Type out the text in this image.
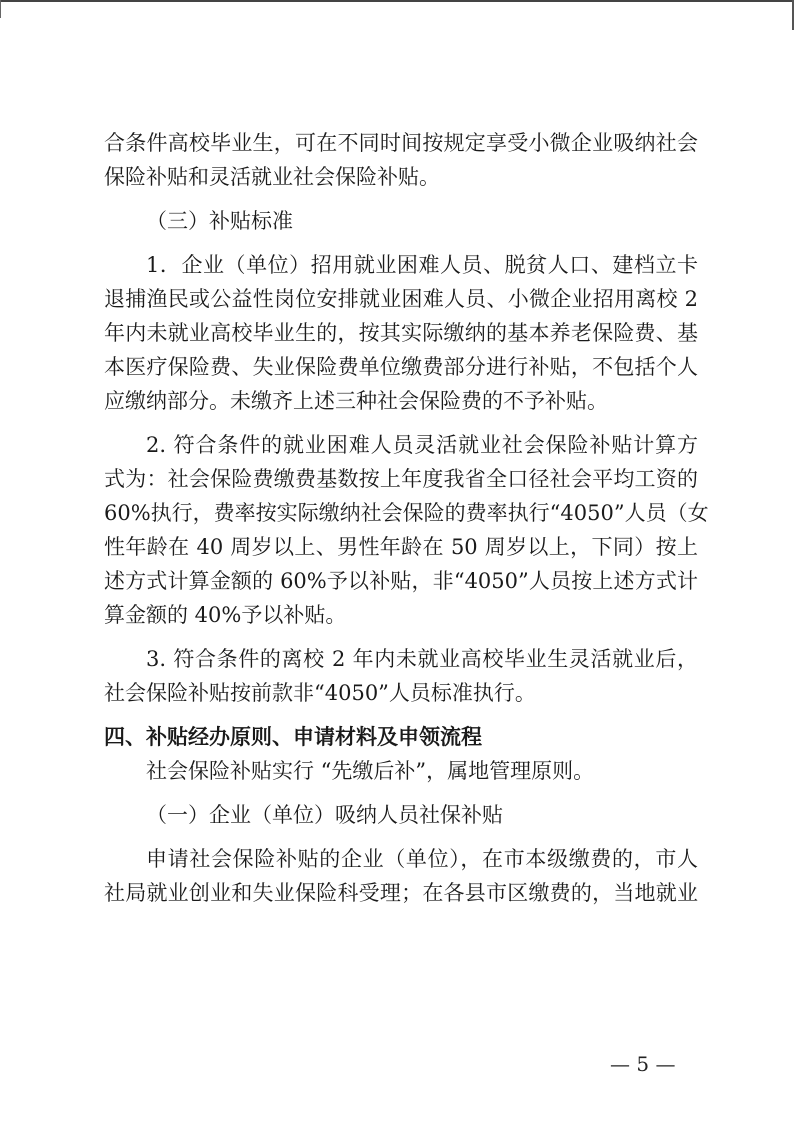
合条件高校毕业生，可在不同时间按规定享受小微企业吸纳社会
保险补贴和灵活就业社会保险补贴。
（三）补贴标准
1．企业（单位）招用就业困难人员、脱贫人口、建档立卡
退捕渔民或公益性岗位安排就业困难人员、小微企业招用离校 2
年内未就业高校毕业生的，按其实际缴纳的基本养老保险费、基
本医疗保险费、失业保险费单位缴费部分进行补贴，不包括个人
应缴纳部分。未缴齐上述三种社会保险费的不予补贴。
2. 符合条件的就业困难人员灵活就业社会保险补贴计算方
式为：社会保险费缴费基数按上年度我省全口径社会平均工资的
60%执行，费率按实际缴纳社会保险的费率执行“4050”人员（女
性年龄在 40 周岁以上、男性年龄在 50 周岁以上，下同）按上
述方式计算金额的 60%予以补贴，非“4050”人员按上述方式计
算金额的 40%予以补贴。
3. 符合条件的离校 2 年内未就业高校毕业生灵活就业后，
社会保险补贴按前款非“4050”人员标准执行。
四、补贴经办原则、申请材料及申领流程
社会保险补贴实行 “先缴后补”，属地管理原则。
（一）企业（单位）吸纳人员社保补贴
申请社会保险补贴的企业（单位），在市本级缴费的，市人
社局就业创业和失业保险科受理；在各县市区缴费的，当地就业
— 5 —
